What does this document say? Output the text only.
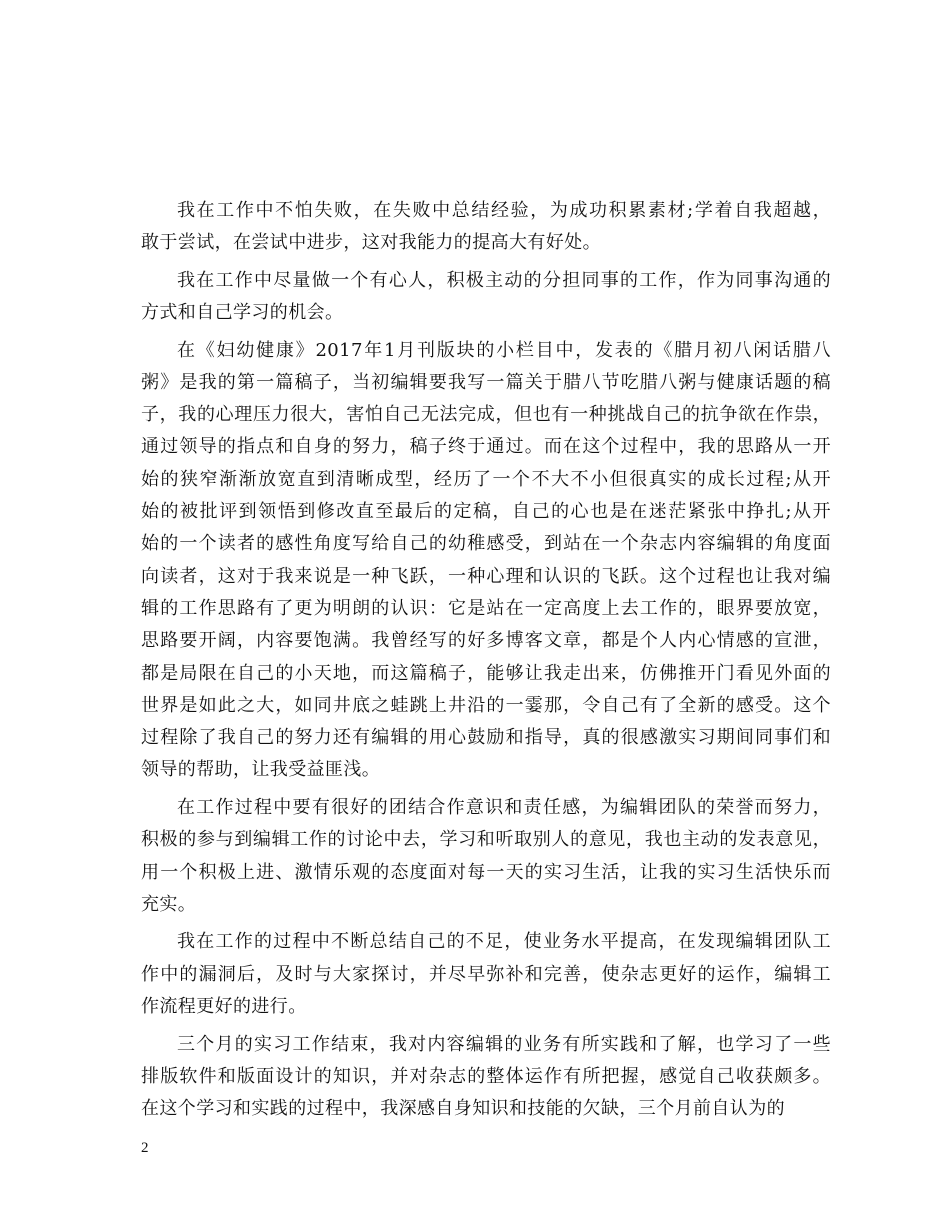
我在工作中不怕失败，在失败中总结经验，为成功积累素材;学着自我超越，
敢于尝试，在尝试中进步，这对我能力的提高大有好处。
我在工作中尽量做一个有心人，积极主动的分担同事的工作，作为同事沟通的
方式和自己学习的机会。
在《妇幼健康》2017年1月刊版块的小栏目中，发表的《腊月初八闲话腊八
粥》是我的第一篇稿子，当初编辑要我写一篇关于腊八节吃腊八粥与健康话题的稿
子，我的心理压力很大，害怕自己无法完成，但也有一种挑战自己的抗争欲在作祟，
通过领导的指点和自身的努力，稿子终于通过。而在这个过程中，我的思路从一开
始的狭窄渐渐放宽直到清晰成型，经历了一个不大不小但很真实的成长过程;从开
始的被批评到领悟到修改直至最后的定稿，自己的心也是在迷茫紧张中挣扎;从开
始的一个读者的感性角度写给自己的幼稚感受，到站在一个杂志内容编辑的角度面
向读者，这对于我来说是一种飞跃，一种心理和认识的飞跃。这个过程也让我对编
辑的工作思路有了更为明朗的认识：它是站在一定高度上去工作的，眼界要放宽，
思路要开阔，内容要饱满。我曾经写的好多博客文章，都是个人内心情感的宣泄，
都是局限在自己的小天地，而这篇稿子，能够让我走出来，仿佛推开门看见外面的
世界是如此之大，如同井底之蛙跳上井沿的一霎那，令自己有了全新的感受。这个
过程除了我自己的努力还有编辑的用心鼓励和指导，真的很感激实习期间同事们和
领导的帮助，让我受益匪浅。
在工作过程中要有很好的团结合作意识和责任感，为编辑团队的荣誉而努力，
积极的参与到编辑工作的讨论中去，学习和听取别人的意见，我也主动的发表意见，
用一个积极上进、激情乐观的态度面对每一天的实习生活，让我的实习生活快乐而
充实。
我在工作的过程中不断总结自己的不足，使业务水平提高，在发现编辑团队工
作中的漏洞后，及时与大家探讨，并尽早弥补和完善，使杂志更好的运作，编辑工
作流程更好的进行。
三个月的实习工作结束，我对内容编辑的业务有所实践和了解，也学习了一些
排版软件和版面设计的知识，并对杂志的整体运作有所把握，感觉自己收获颇多。
在这个学习和实践的过程中，我深感自身知识和技能的欠缺，三个月前自认为的
2
